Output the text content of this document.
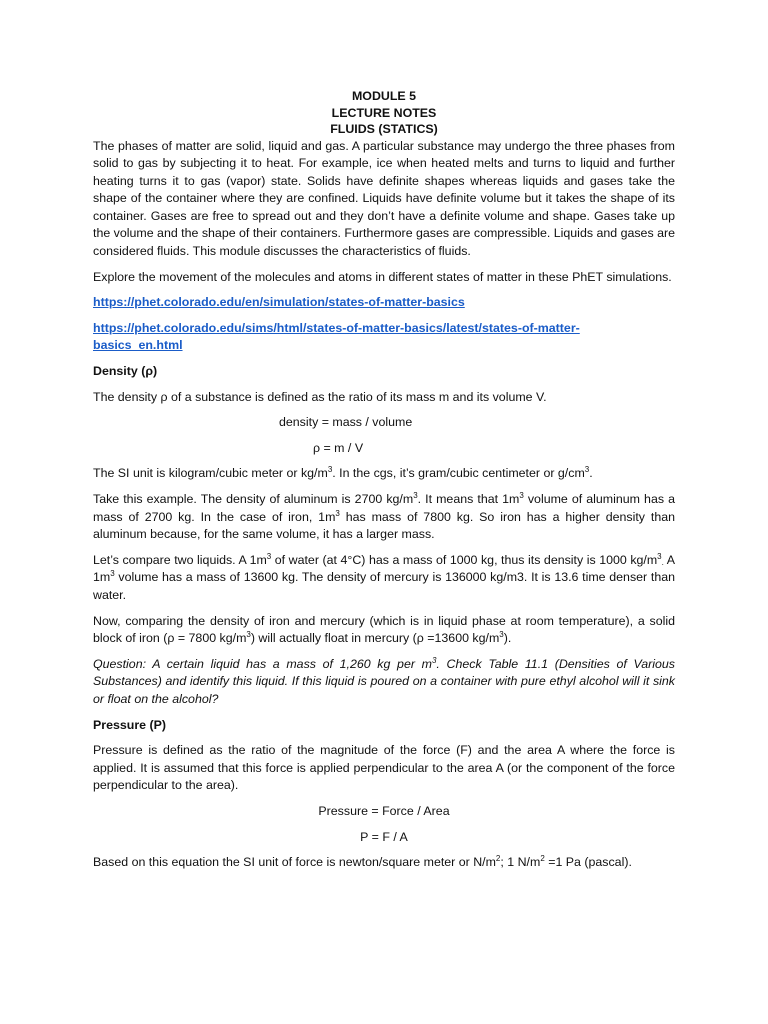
MODULE 5
LECTURE NOTES
FLUIDS (STATICS)

The phases of matter are solid, liquid and gas. A particular substance may undergo the three phases from solid to gas by subjecting it to heat. For example, ice when heated melts and turns to liquid and further heating turns it to gas (vapor) state. Solids have definite shapes whereas liquids and gases take the shape of the container where they are confined. Liquids have definite volume but it takes the shape of its container. Gases are free to spread out and they don’t have a definite volume and shape. Gases take up the volume and the shape of their containers. Furthermore gases are compressible. Liquids and gases are considered fluids. This module discusses the characteristics of fluids.

Explore the movement of the molecules and atoms in different states of matter in these PhET simulations.

https://phet.colorado.edu/en/simulation/states-of-matter-basics

https://phet.colorado.edu/sims/html/states-of-matter-basics/latest/states-of-matter-
basics_en.html

Density (ρ)

The density ρ of a substance is defined as the ratio of its mass m and its volume V.

density = mass / volume
ρ = m / V

The SI unit is kilogram/cubic meter or $kg/m^3$. In the cgs, it’s gram/cubic centimeter or $g/cm^3$.

Take this example. The density of aluminum is 2700 $kg/m^3$. It means that $1m^3$ volume of aluminum has a mass of 2700 kg. In the case of iron, $1m^3$ has mass of 7800 kg. So iron has a higher density than aluminum because, for the same volume, it has a larger mass.

Let’s compare two liquids. A $1m^3$ of water (at 4°C) has a mass of 1000 kg, thus its density is 1000 $kg/m^3$. A $1m^3$ volume has a mass of 13600 kg. The density of mercury is 136000 kg/m3. It is 13.6 time denser than water.

Now, comparing the density of iron and mercury (which is in liquid phase at room temperature), a solid block of iron (ρ = 7800 $kg/m^3$) will actually float in mercury (ρ =13600 $kg/m^3$).

Question: A certain liquid has a mass of 1,260 kg per $m^3$. Check Table 11.1 (Densities of Various Substances) and identify this liquid. If this liquid is poured on a container with pure ethyl alcohol will it sink or float on the alcohol?

Pressure (P)

Pressure is defined as the ratio of the magnitude of the force (F) and the area A where the force is applied. It is assumed that this force is applied perpendicular to the area A (or the component of the force perpendicular to the area).

Pressure = Force / Area
P = F / A

Based on this equation the SI unit of force is newton/square meter or $N/m^2$; 1 $N/m^2 =1$ Pa (pascal).
